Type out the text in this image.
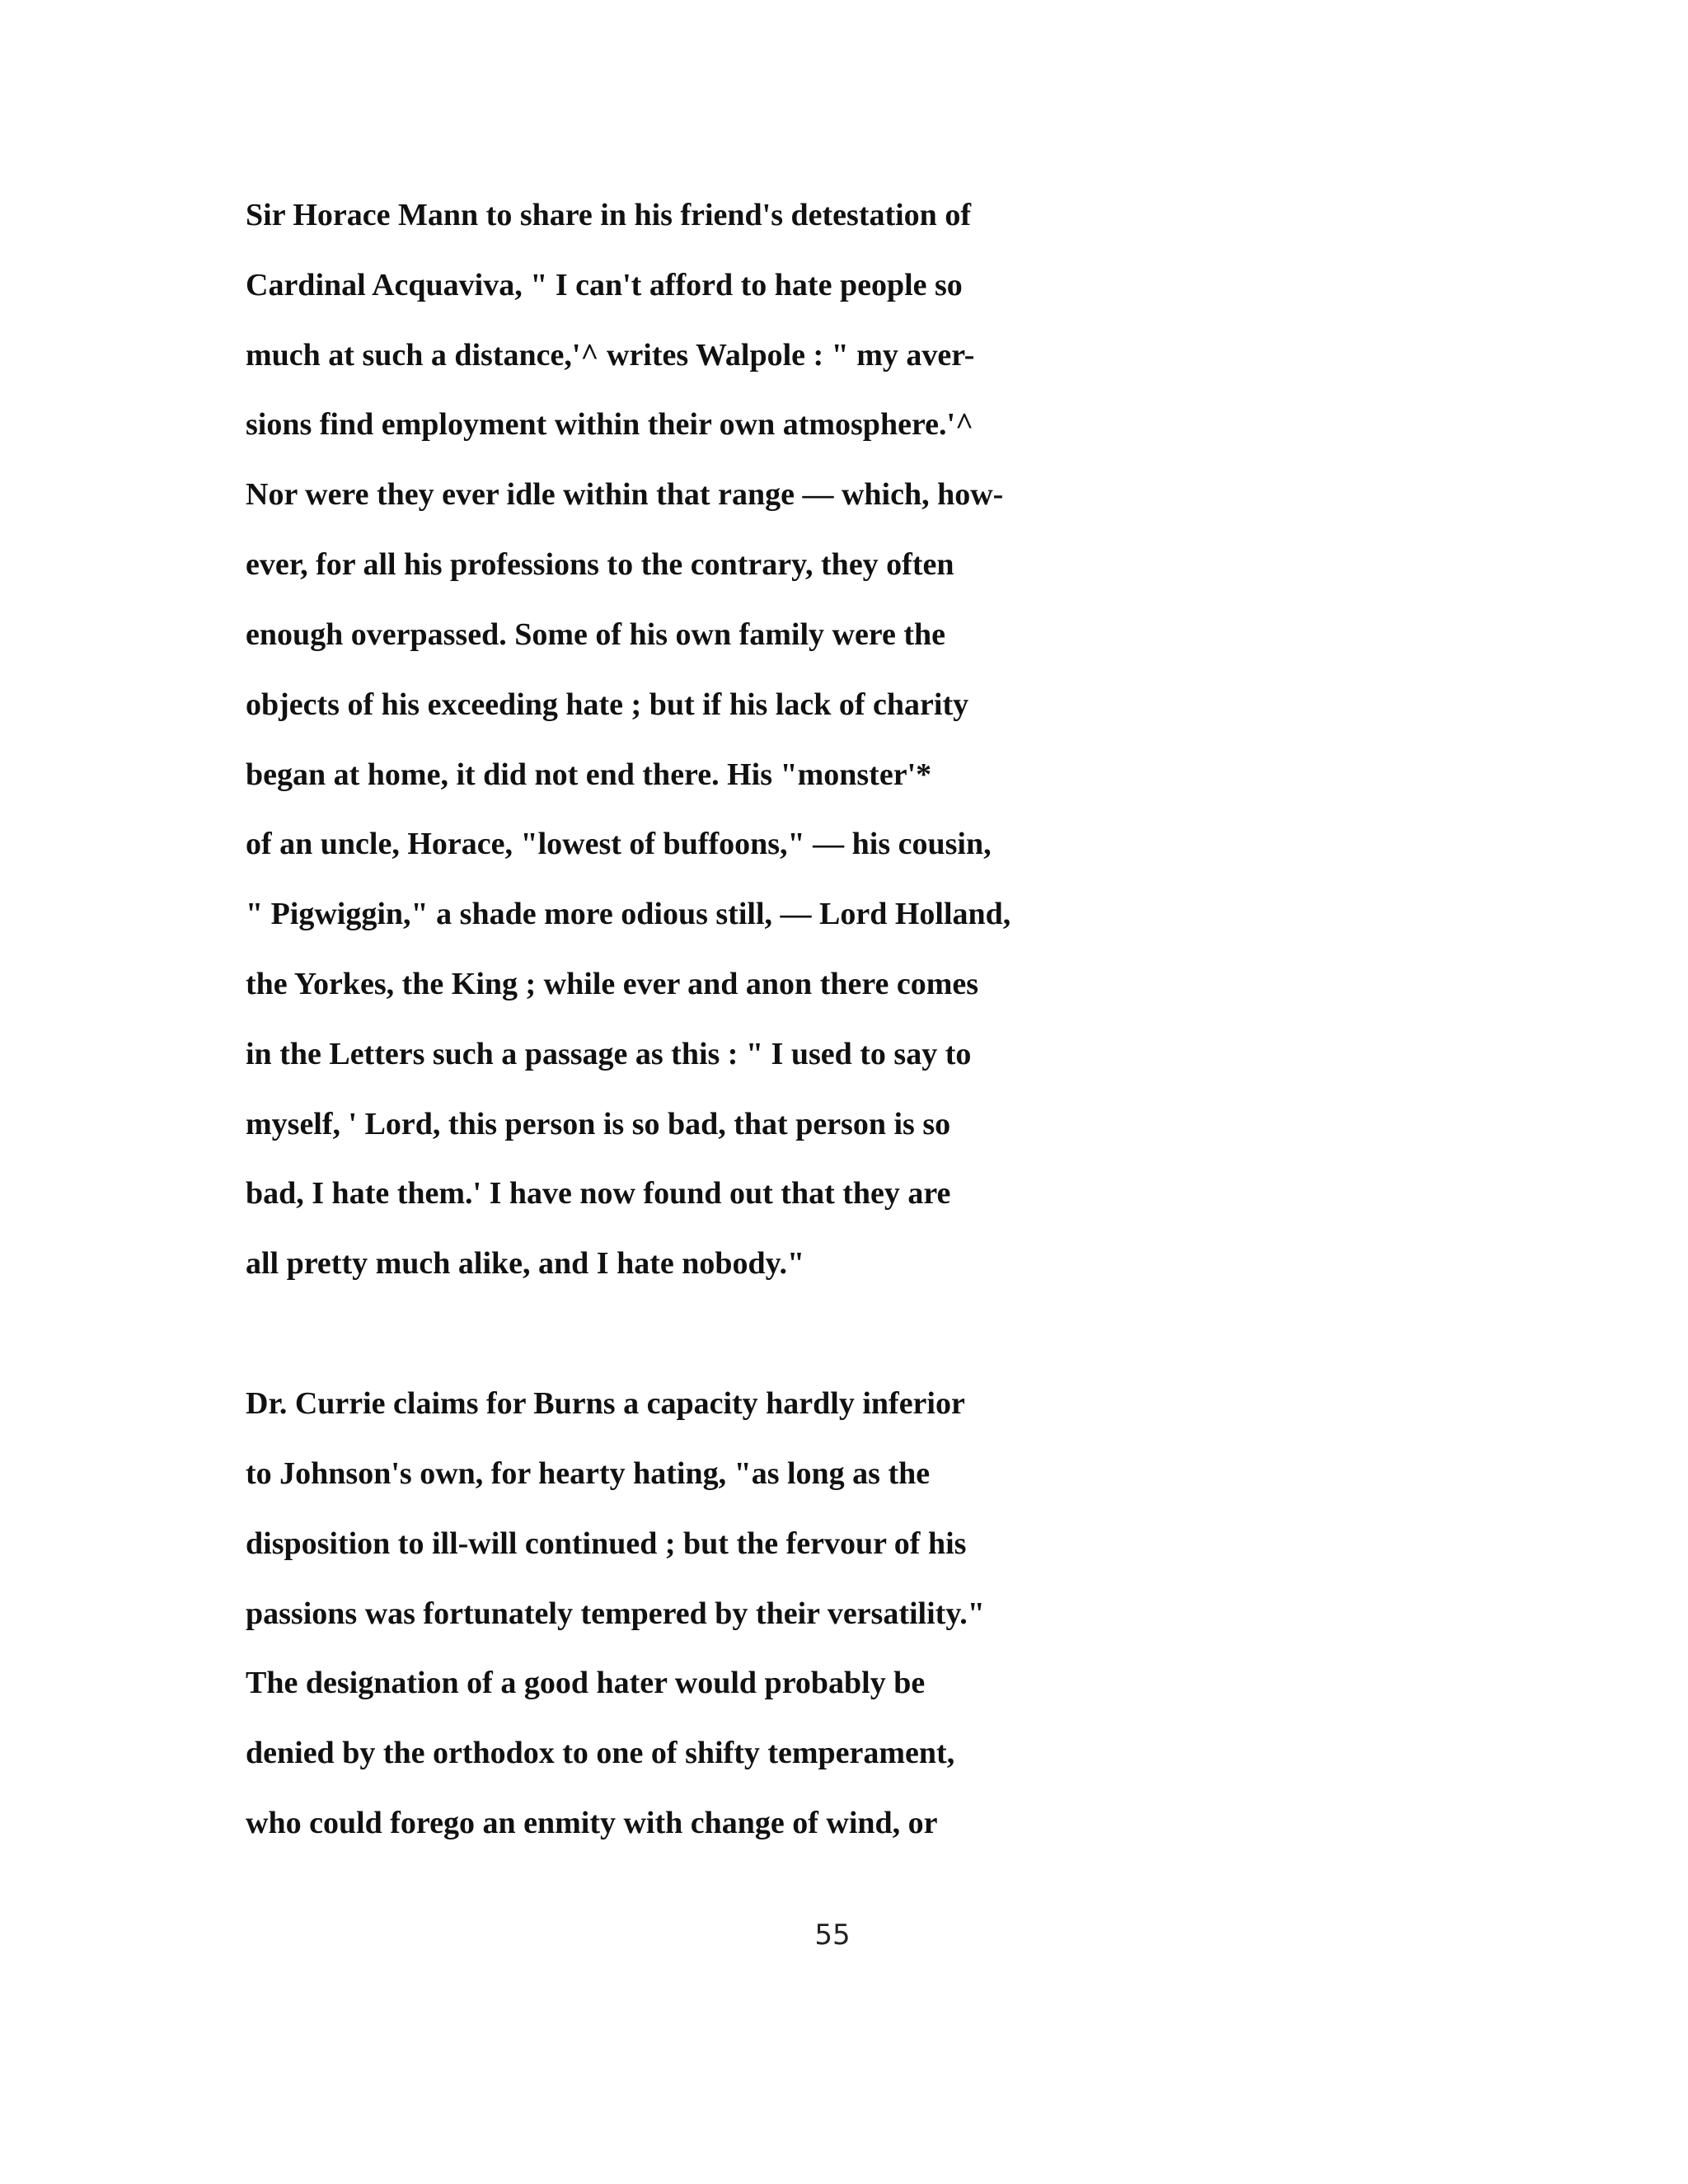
Sir Horace Mann to share in his friend's detestation of

Cardinal Acquaviva, " I can't afford to hate people so

much at such a distance,'^ writes Walpole : " my aver-

sions find employment within their own atmosphere.'^

Nor were they ever idle within that range — which, how-

ever, for all his professions to the contrary, they often

enough overpassed. Some of his own family were the

objects of his exceeding hate ; but if his lack of charity

began at home, it did not end there. His "monster'*

of an uncle, Horace, "lowest of buffoons," — his cousin,

" Pigwiggin," a shade more odious still, — Lord Holland,

the Yorkes, the King ; while ever and anon there comes

in the Letters such a passage as this : " I used to say to

myself, ' Lord, this person is so bad, that person is so

bad, I hate them.' I have now found out that they are

all pretty much alike, and I hate nobody."

Dr. Currie claims for Burns a capacity hardly inferior

to Johnson's own, for hearty hating, "as long as the

disposition to ill-will continued ; but the fervour of his

passions was fortunately tempered by their versatility."

The designation of a good hater would probably be

denied by the orthodox to one of shifty temperament,

who could forego an enmity with change of wind, or

55
